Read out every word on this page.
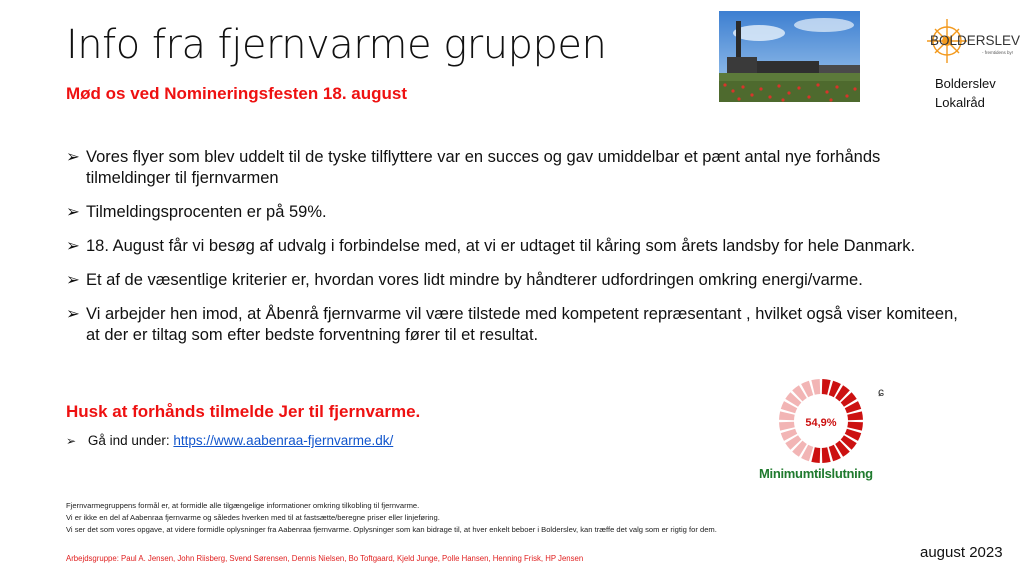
Info fra fjernvarme gruppen
Mød os ved Nomineringsfesten 18. august
BOLDERSLEV
- fremtidens by!
Bolderslev
Lokalråd
➢ Vores flyer som blev uddelt til de tyske tilflyttere var en succes og gav umiddelbar et pænt antal nye forhånds tilmeldinger til fjernvarmen
➢ Tilmeldingsprocenten er på 59%.
➢ 18. August får vi besøg af udvalg i forbindelse med, at vi er udtaget til kåring som årets landsby for hele Danmark.
➢ Et af de væsentlige kriterier er, hvordan vores lidt mindre by håndterer udfordringen omkring energi/varme.
➢ Vi arbejder hen imod, at Åbenrå fjernvarme vil være tilstede med kompetent repræsentant , hvilket også viser komiteen, at der er tiltag som efter bedste forventning fører til et resultat.
Husk at forhånds tilmelde Jer til fjernvarme.
➢ Gå ind under: https://www.aabenraa-fjernvarme.dk/
54,9%
ɕ
Minimumtilslutning
Fjernvarmegruppens formål er, at formidle alle tilgængelige informationer omkring tilkobling til fjernvarme.
Vi er ikke en del af Aabenraa fjernvarme og således hverken med til at fastsætte/beregne priser eller linjeføring.
Vi ser det som vores opgave, at videre formidle oplysninger fra Aabenraa fjernvarme. Oplysninger som kan bidrage til, at hver enkelt beboer i Bolderslev, kan træffe det valg som er rigtig for dem.
Arbejdsgruppe: Paul A. Jensen, John Riisberg, Svend Sørensen, Dennis Nielsen, Bo Toftgaard, Kjeld Junge, Polle Hansen, Henning Frisk, HP Jensen	august 2023
